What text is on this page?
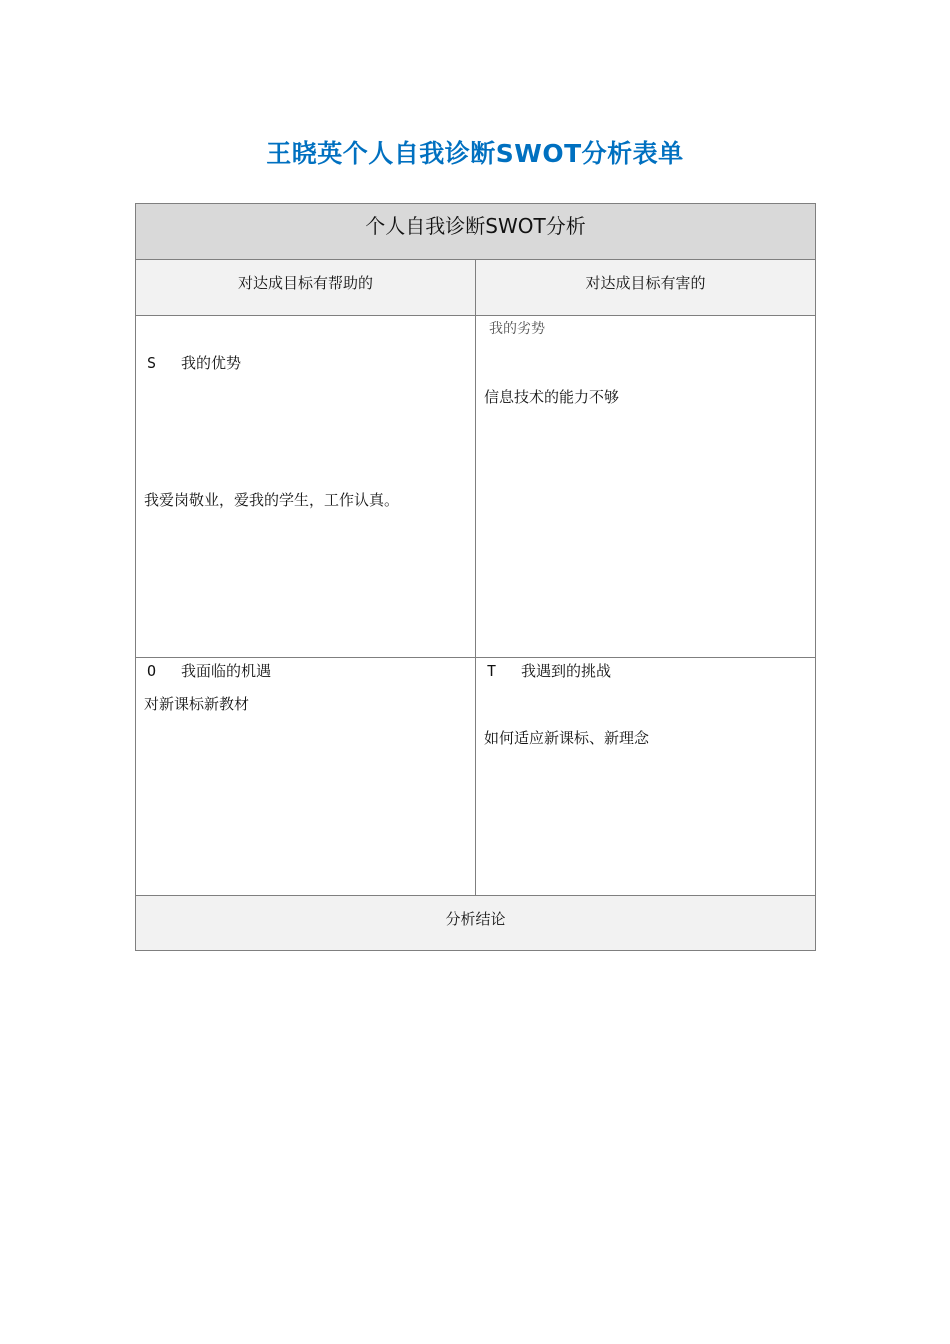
王晓英个人自我诊断SWOT分析表单
个人自我诊断SWOT分析
对达成目标有帮助的	对达成目标有害的
S 我的优势
我爱岗敬业，爱我的学生，工作认真。
我的劣势
信息技术的能力不够
O 我面临的机遇
对新课标新教材
T 我遇到的挑战
如何适应新课标、新理念
分析结论
